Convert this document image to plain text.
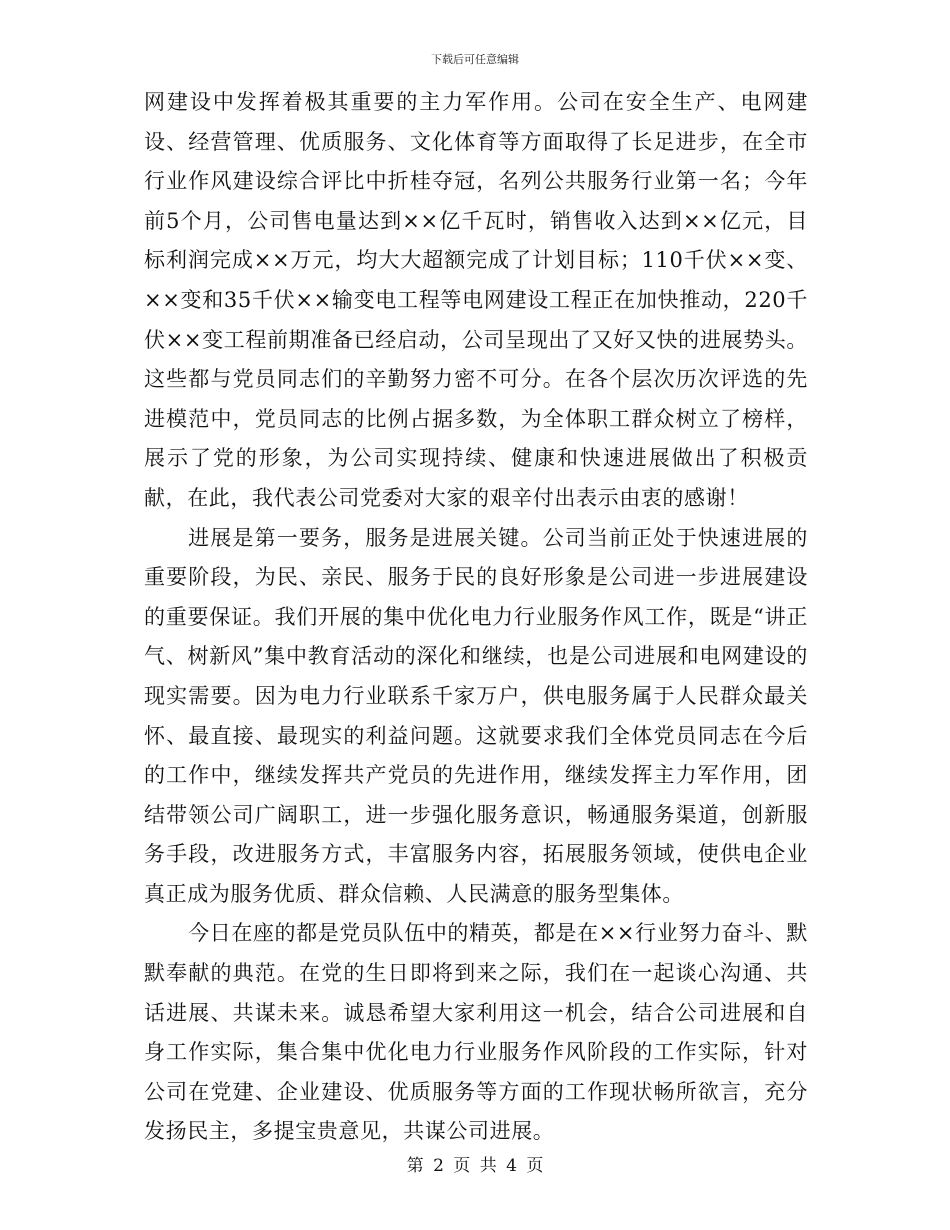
下载后可任意编辑

网建设中发挥着极其重要的主力军作用。公司在安全生产、电网建设、经营管理、优质服务、文化体育等方面取得了长足进步，在全市行业作风建设综合评比中折桂夺冠，名列公共服务行业第一名；今年前5个月，公司售电量达到××亿千瓦时，销售收入达到××亿元，目标利润完成××万元，均大大超额完成了计划目标；110千伏××变、××变和35千伏××输变电工程等电网建设工程正在加快推动，220千伏××变工程前期准备已经启动，公司呈现出了又好又快的进展势头。这些都与党员同志们的辛勤努力密不可分。在各个层次历次评选的先进模范中，党员同志的比例占据多数，为全体职工群众树立了榜样，展示了党的形象，为公司实现持续、健康和快速进展做出了积极贡献，在此，我代表公司党委对大家的艰辛付出表示由衷的感谢！

进展是第一要务，服务是进展关键。公司当前正处于快速进展的重要阶段，为民、亲民、服务于民的良好形象是公司进一步进展建设的重要保证。我们开展的集中优化电力行业服务作风工作，既是“讲正气、树新风”集中教育活动的深化和继续，也是公司进展和电网建设的现实需要。因为电力行业联系千家万户，供电服务属于人民群众最关怀、最直接、最现实的利益问题。这就要求我们全体党员同志在今后的工作中，继续发挥共产党员的先进作用，继续发挥主力军作用，团结带领公司广阔职工，进一步强化服务意识，畅通服务渠道，创新服务手段，改进服务方式，丰富服务内容，拓展服务领域，使供电企业真正成为服务优质、群众信赖、人民满意的服务型集体。

今日在座的都是党员队伍中的精英，都是在××行业努力奋斗、默默奉献的典范。在党的生日即将到来之际，我们在一起谈心沟通、共话进展、共谋未来。诚恳希望大家利用这一机会，结合公司进展和自身工作实际，集合集中优化电力行业服务作风阶段的工作实际，针对公司在党建、企业建设、优质服务等方面的工作现状畅所欲言，充分发扬民主，多提宝贵意见，共谋公司进展。

第 2 页 共 4 页
